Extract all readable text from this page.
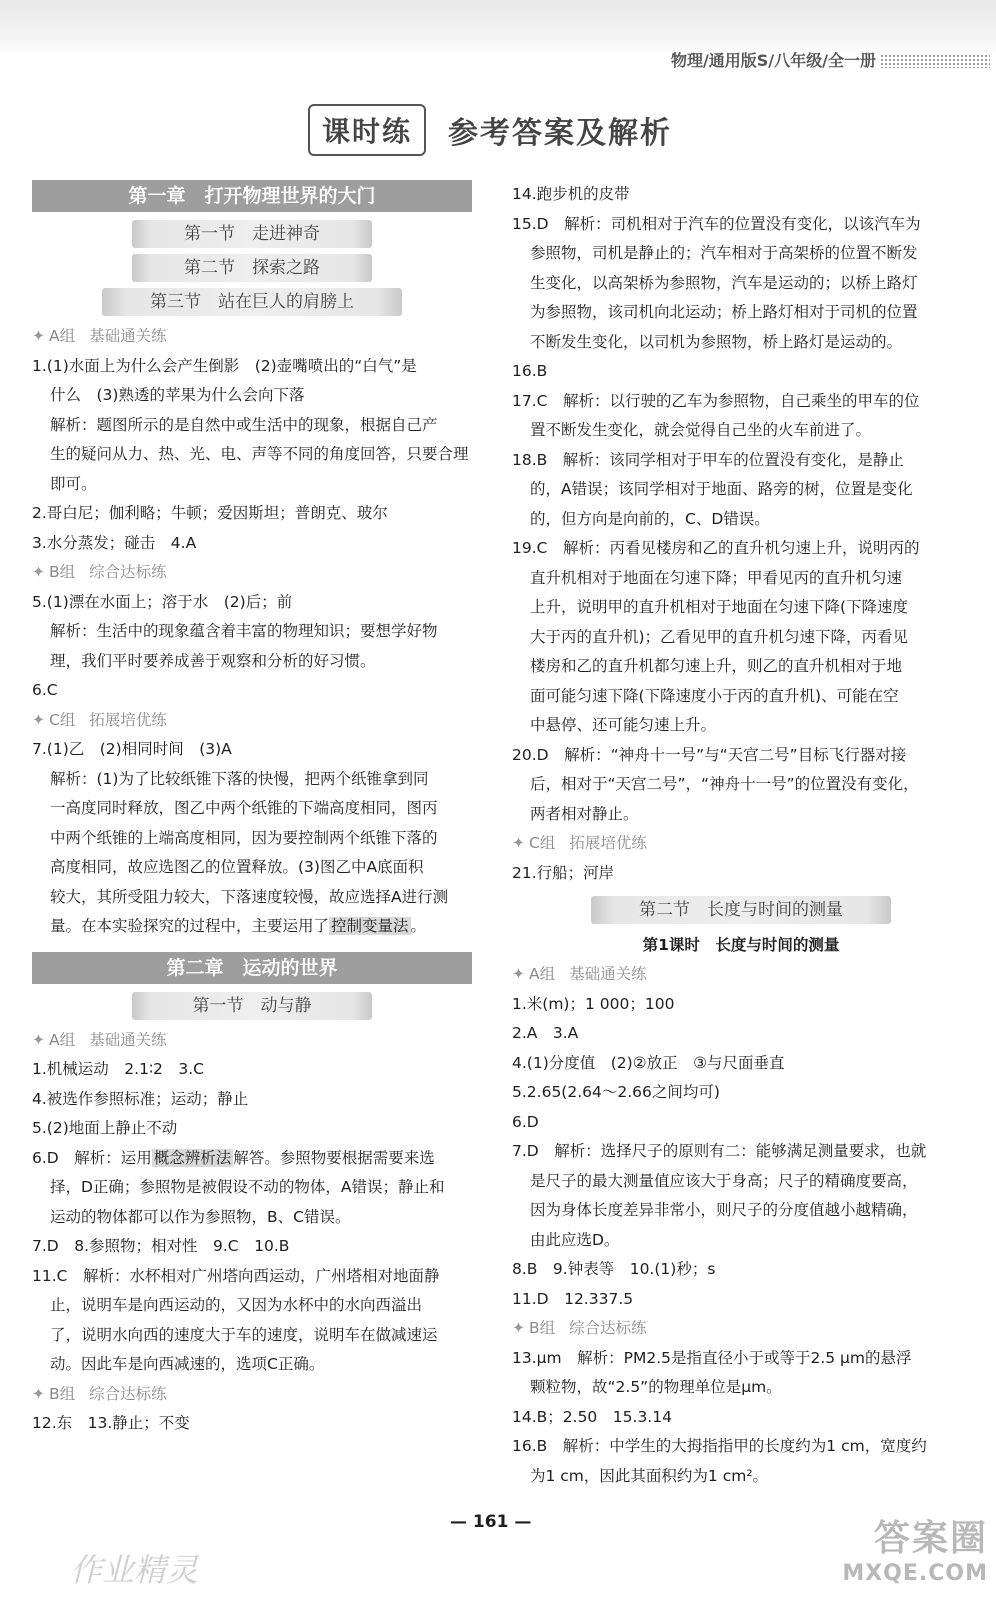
物理/通用版S/八年级/全一册
课时练	参考答案及解析
第一章　打开物理世界的大门
第一节　走进神奇
第二节　探索之路
第三节　站在巨人的肩膀上
✦ A组 基础通关练
1.(1)水面上为什么会产生倒影　(2)壶嘴喷出的“白气”是
什么　(3)熟透的苹果为什么会向下落
解析：题图所示的是自然中或生活中的现象，根据自己产
生的疑问从力、热、光、电、声等不同的角度回答，只要合理
即可。
2.哥白尼；伽利略；牛顿；爱因斯坦；普朗克、玻尔
3.水分蒸发；碰击　4.A
✦ B组 综合达标练
5.(1)漂在水面上；溶于水　(2)后；前
解析：生活中的现象蕴含着丰富的物理知识；要想学好物
理，我们平时要养成善于观察和分析的好习惯。
6.C
✦ C组 拓展培优练
7.(1)乙　(2)相同时间　(3)A
解析：(1)为了比较纸锥下落的快慢，把两个纸锥拿到同
一高度同时释放，图乙中两个纸锥的下端高度相同，图丙
中两个纸锥的上端高度相同，因为要控制两个纸锥下落的
高度相同，故应选图乙的位置释放。(3)图乙中A底面积
较大，其所受阻力较大，下落速度较慢，故应选择A进行测
量。在本实验探究的过程中，主要运用了 控制变量法 。
第二章　运动的世界
第一节　动与静
✦ A组 基础通关练
1.机械运动　2.1∶2　3.C
4.被选作参照标准；运动；静止
5.(2)地面上静止不动
6.D　解析：运用 概念辨析法 解答。参照物要根据需要来选
择，D正确；参照物是被假设不动的物体，A错误；静止和
运动的物体都可以作为参照物，B、C错误。
7.D　8.参照物；相对性　9.C　10.B
11.C　解析：水杯相对广州塔向西运动，广州塔相对地面静
止，说明车是向西运动的，又因为水杯中的水向西溢出
了，说明水向西的速度大于车的速度，说明车在做减速运
动。因此车是向西减速的，选项C正确。
✦ B组 综合达标练
12.东　13.静止；不变
14.跑步机的皮带
15.D　解析：司机相对于汽车的位置没有变化，以该汽车为
参照物，司机是静止的；汽车相对于高架桥的位置不断发
生变化，以高架桥为参照物，汽车是运动的；以桥上路灯
为参照物，该司机向北运动；桥上路灯相对于司机的位置
不断发生变化，以司机为参照物，桥上路灯是运动的。
16.B
17.C　解析：以行驶的乙车为参照物，自己乘坐的甲车的位
置不断发生变化，就会觉得自己坐的火车前进了。
18.B　解析：该同学相对于甲车的位置没有变化，是静止
的，A错误；该同学相对于地面、路旁的树，位置是变化
的，但方向是向前的，C、D错误。
19.C　解析：丙看见楼房和乙的直升机匀速上升，说明丙的
直升机相对于地面在匀速下降；甲看见丙的直升机匀速
上升，说明甲的直升机相对于地面在匀速下降(下降速度
大于丙的直升机)；乙看见甲的直升机匀速下降，丙看见
楼房和乙的直升机都匀速上升，则乙的直升机相对于地
面可能匀速下降(下降速度小于丙的直升机)、可能在空
中悬停、还可能匀速上升。
20.D　解析：“神舟十一号”与“天宫二号”目标飞行器对接
后，相对于“天宫二号”，“神舟十一号”的位置没有变化，
两者相对静止。
✦ C组 拓展培优练
21.行船；河岸
第二节　长度与时间的测量
第1课时　长度与时间的测量
✦ A组 基础通关练
1.米(m)；1 000；100
2.A　3.A
4.(1)分度值　(2)②放正　③与尺面垂直
5.2.65(2.64～2.66之间均可)
6.D
7.D　解析：选择尺子的原则有二：能够满足测量要求，也就
是尺子的最大测量值应该大于身高；尺子的精确度要高，
因为身体长度差异非常小，则尺子的分度值越小越精确，
由此应选D。
8.B　9.钟表等　10.(1)秒；s
11.D　12.337.5
✦ B组 综合达标练
13.μm　解析：PM2.5是指直径小于或等于2.5 μm的悬浮
颗粒物，故“2.5”的物理单位是μm。
14.B；2.50　15.3.14
16.B　解析：中学生的大拇指指甲的长度约为1 cm，宽度约
为1 cm，因此其面积约为1 cm²。
— 161 —
作业精灵
答案圈
MXQE.COM
